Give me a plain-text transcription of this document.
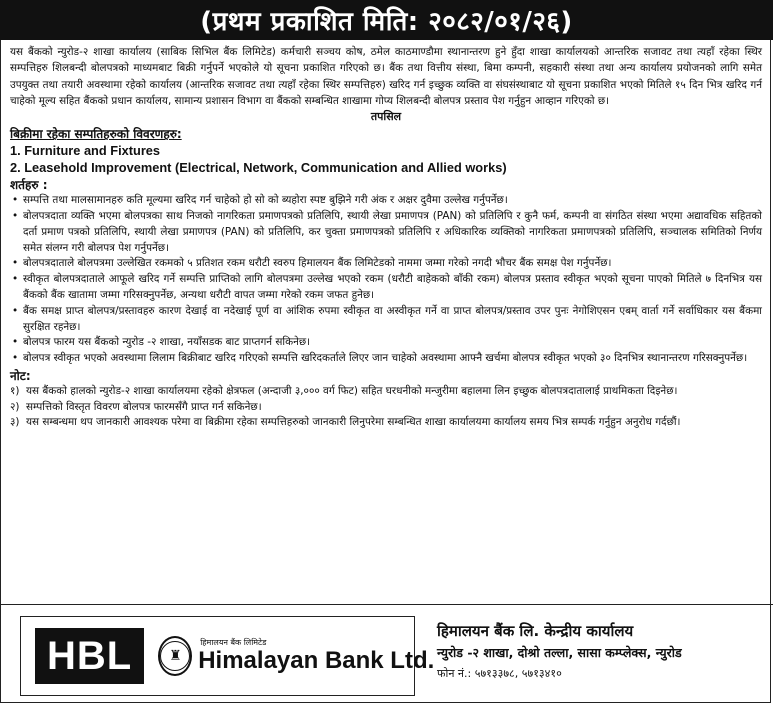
(प्रथम प्रकाशित मिति: २०८२/०१/२६)

यस बैंकको न्युरोड-२ शाखा कार्यालय (साबिक सिभिल बैंक लिमिटेड) कर्मचारी सञ्चय कोष, ठमेल काठमाण्डौमा स्थानान्तरण हुने हुँदा शाखा कार्यालयको आन्तरिक सजावट तथा त्यहाँ रहेका स्थिर सम्पत्तिहरु शिलबन्दी बोलपत्रको माध्यमबाट बिक्री गर्नुपर्ने भएकोले यो सूचना प्रकाशित गरिएको छ। बैंक तथा वित्तीय संस्था, बिमा कम्पनी, सहकारी संस्था तथा अन्य कार्यालय प्रयोजनको लागि समेत उपयुक्त तथा तयारी अवस्थामा रहेको कार्यालय (आन्तरिक सजावट तथा त्यहाँ रहेका स्थिर सम्पत्तिहरु) खरिद गर्न इच्छुक व्यक्ति वा संघसंस्थाबाट यो सूचना प्रकाशित भएको मितिले १५ दिन भित्र खरिद गर्न चाहेको मूल्य सहित बैंकको प्रधान कार्यालय, सामान्य प्रशासन विभाग वा बैंकको सम्बन्धित शाखामा गोप्य शिलबन्दी बोलपत्र प्रस्ताव पेश गर्नुहुन आव्हान गरिएको छ।

तपसिल

बिक्रीमा रहेका सम्पतिहरुको विवरणहरु:

1. Furniture and Fixtures

2. Leasehold Improvement (Electrical, Network, Communication and Allied works)

शर्तहरु :

• सम्पत्ति तथा मालसामानहरु कति मूल्यमा खरिद गर्न चाहेको हो सो को ब्यहोरा स्पष्ट बुझिने गरी अंक र अक्षर दुवैमा उल्लेख गर्नुपर्नेछ।
• बोलपत्रदाता व्यक्ति भएमा बोलपत्रका साथ निजको नागरिकता प्रमाणपत्रको प्रतिलिपि, स्थायी लेखा प्रमाणपत्र (PAN) को प्रतिलिपि र कुनै फर्म, कम्पनी वा संगठित संस्था भएमा अद्यावधिक सहितको दर्ता प्रमाण पत्रको प्रतिलिपि, स्थायी लेखा प्रमाणपत्र (PAN) को प्रतिलिपि, कर चुक्ता प्रमाणपत्रको प्रतिलिपि र अधिकारिक व्यक्तिको नागरिकता प्रमाणपत्रको प्रतिलिपि, सञ्चालक समितिको निर्णय समेत संलग्न गरी बोलपत्र पेश गर्नुपर्नेछ।
• बोलपत्रदाताले बोलपत्रमा उल्लेखित रकमको ५ प्रतिशत रकम धरौटी स्वरुप हिमालयन बैंक लिमिटेडको नाममा जम्मा गरेको नगदी भौचर बैंक समक्ष पेश गर्नुपर्नेछ।
• स्वीकृत बोलपत्रदाताले आफूले खरिद गर्ने सम्पत्ति प्राप्तिको लागि बोलपत्रमा उल्लेख भएको रकम (धरौटी बाहेकको बाँकी रकम) बोलपत्र प्रस्ताव स्वीकृत भएको सूचना पाएको मितिले ७ दिनभित्र यस बैंकको बैंक खातामा जम्मा गरिसक्नुपर्नेछ, अन्यथा धरौटी वापत जम्मा गरेको रकम जफत हुनेछ।
• बैंक समक्ष प्राप्त बोलपत्र/प्रस्तावहरु कारण देखाई वा नदेखाई पूर्ण वा आंशिक रुपमा स्वीकृत वा अस्वीकृत गर्ने वा प्राप्त बोलपत्र/प्रस्ताव उपर पुनः नेगोशिएसन एबम् वार्ता गर्ने सर्वाधिकार यस बैंकमा सुरक्षित रहनेछ।
• बोलपत्र फारम यस बैंकको न्युरोड -२ शाखा, नयाँसडक बाट प्राप्तगर्न सकिनेछ।
• बोलपत्र स्वीकृत भएको अवस्थामा लिलाम बिक्रीबाट खरिद गरिएको सम्पत्ति खरिदकर्ताले लिएर जान चाहेको अवस्थामा आफ्नै खर्चमा बोलपत्र स्वीकृत भएको ३० दिनभित्र स्थानान्तरण गरिसक्नुपर्नेछ।

नोट:

१) यस बैंकको हालको न्युरोड-२ शाखा कार्यालयमा रहेको क्षेत्रफल (अन्दाजी ३,००० वर्ग फिट) सहित घरधनीको मन्जुरीमा बहालमा लिन इच्छुक बोलपत्रदातालाई प्राथमिकता दिइनेछ।
२) सम्पत्तिको विस्तृत विवरण बोलपत्र फारमसँगै प्राप्त गर्न सकिनेछ।
३) यस सम्बन्धमा थप जानकारी आवश्यक परेमा वा बिक्रीमा रहेका सम्पत्तिहरुको जानकारी लिनुपरेमा सम्बन्धित शाखा कार्यालयमा कार्यालय समय भित्र सम्पर्क गर्नुहुन अनुरोध गर्दछौं।
HBL	♜
हिमालयन बैंक लिमिटेड
Himalayan Bank Ltd.

हिमालयन बैंक लि. केन्द्रीय कार्यालय

न्युरोड -२ शाखा, दोश्रो तल्ला, सासा कम्प्लेक्स, न्युरोड

फोन नं.: ५७१३३७८, ५७१३४१०
